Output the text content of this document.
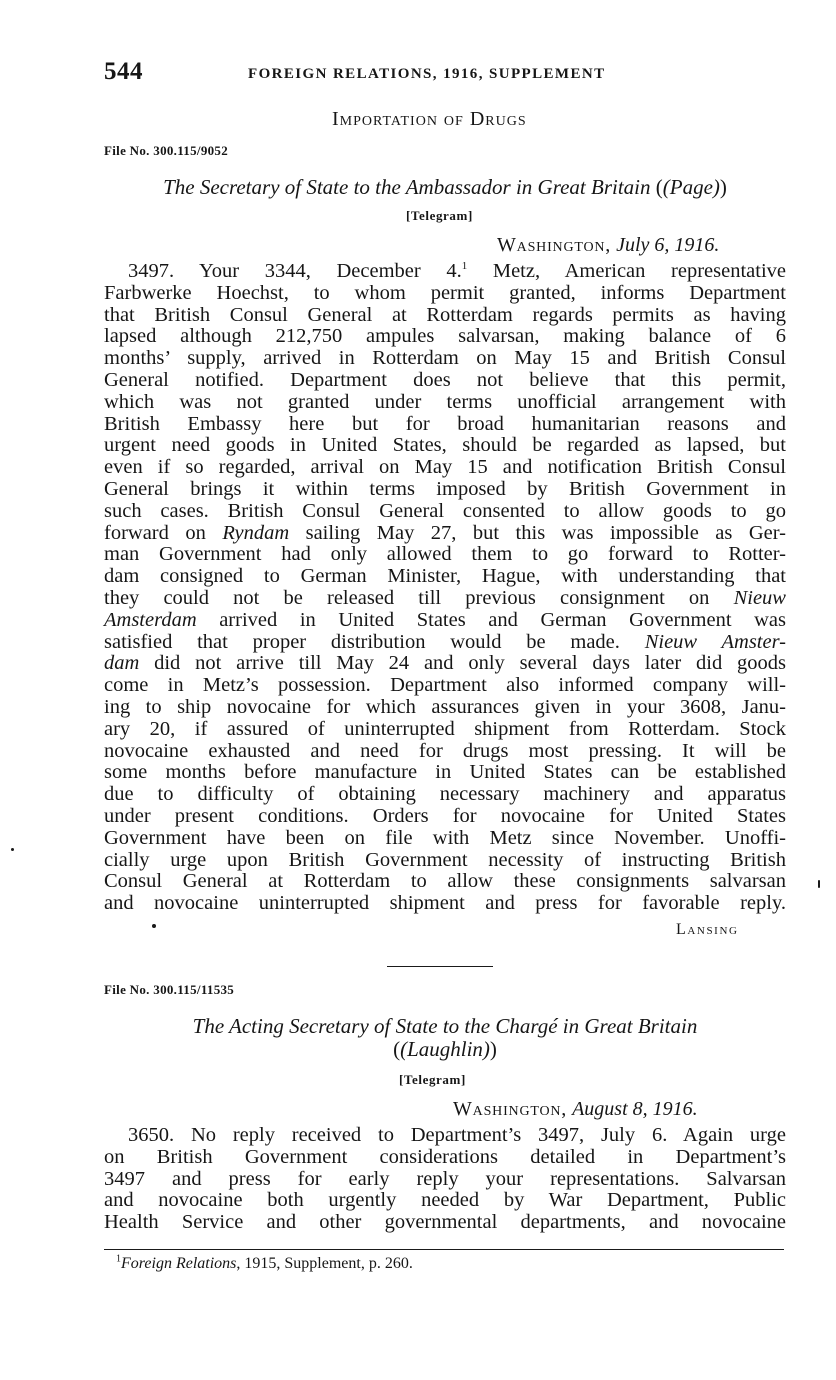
544	FOREIGN RELATIONS, 1916, SUPPLEMENT
Importation of Drugs
File No. 300.115/9052
The Secretary of State to the Ambassador in Great Britain ((Page))
[Telegram]
Washington, July 6, 1916.
3497. Your 3344, December 4.$^1$ Metz, American representative
Farbwerke Hoechst, to whom permit granted, informs Department
that British Consul General at Rotterdam regards permits as having
lapsed although 212,750 ampules salvarsan, making balance of 6
months’ supply, arrived in Rotterdam on May 15 and British Consul
General notified. Department does not believe that this permit,
which was not granted under terms unofficial arrangement with
British Embassy here but for broad humanitarian reasons and
urgent need goods in United States, should be regarded as lapsed, but
even if so regarded, arrival on May 15 and notification British Consul
General brings it within terms imposed by British Government in
such cases. British Consul General consented to allow goods to go
forward on Ryndam sailing May 27, but this was impossible as Ger-
man Government had only allowed them to go forward to Rotter-
dam consigned to German Minister, Hague, with understanding that
they could not be released till previous consignment on Nieuw
Amsterdam arrived in United States and German Government was
satisfied that proper distribution would be made. Nieuw Amster-
dam did not arrive till May 24 and only several days later did goods
come in Metz’s possession. Department also informed company will-
ing to ship novocaine for which assurances given in your 3608, Janu-
ary 20, if assured of uninterrupted shipment from Rotterdam. Stock
novocaine exhausted and need for drugs most pressing. It will be
some months before manufacture in United States can be established
due to difficulty of obtaining necessary machinery and apparatus
under present conditions. Orders for novocaine for United States
Government have been on file with Metz since November. Unoffi-
cially urge upon British Government necessity of instructing British
Consul General at Rotterdam to allow these consignments salvarsan
and novocaine uninterrupted shipment and press for favorable reply.
Lansing
File No. 300.115/11535
The Acting Secretary of State to the Chargé in Great Britain
((Laughlin))
[Telegram]
Washington, August 8, 1916.
3650. No reply received to Department’s 3497, July 6. Again urge
on British Government considerations detailed in Department’s
3497 and press for early reply your representations. Salvarsan
and novocaine both urgently needed by War Department, Public
Health Service and other governmental departments, and novocaine
$^1$Foreign Relations, 1915, Supplement, p. 260.
